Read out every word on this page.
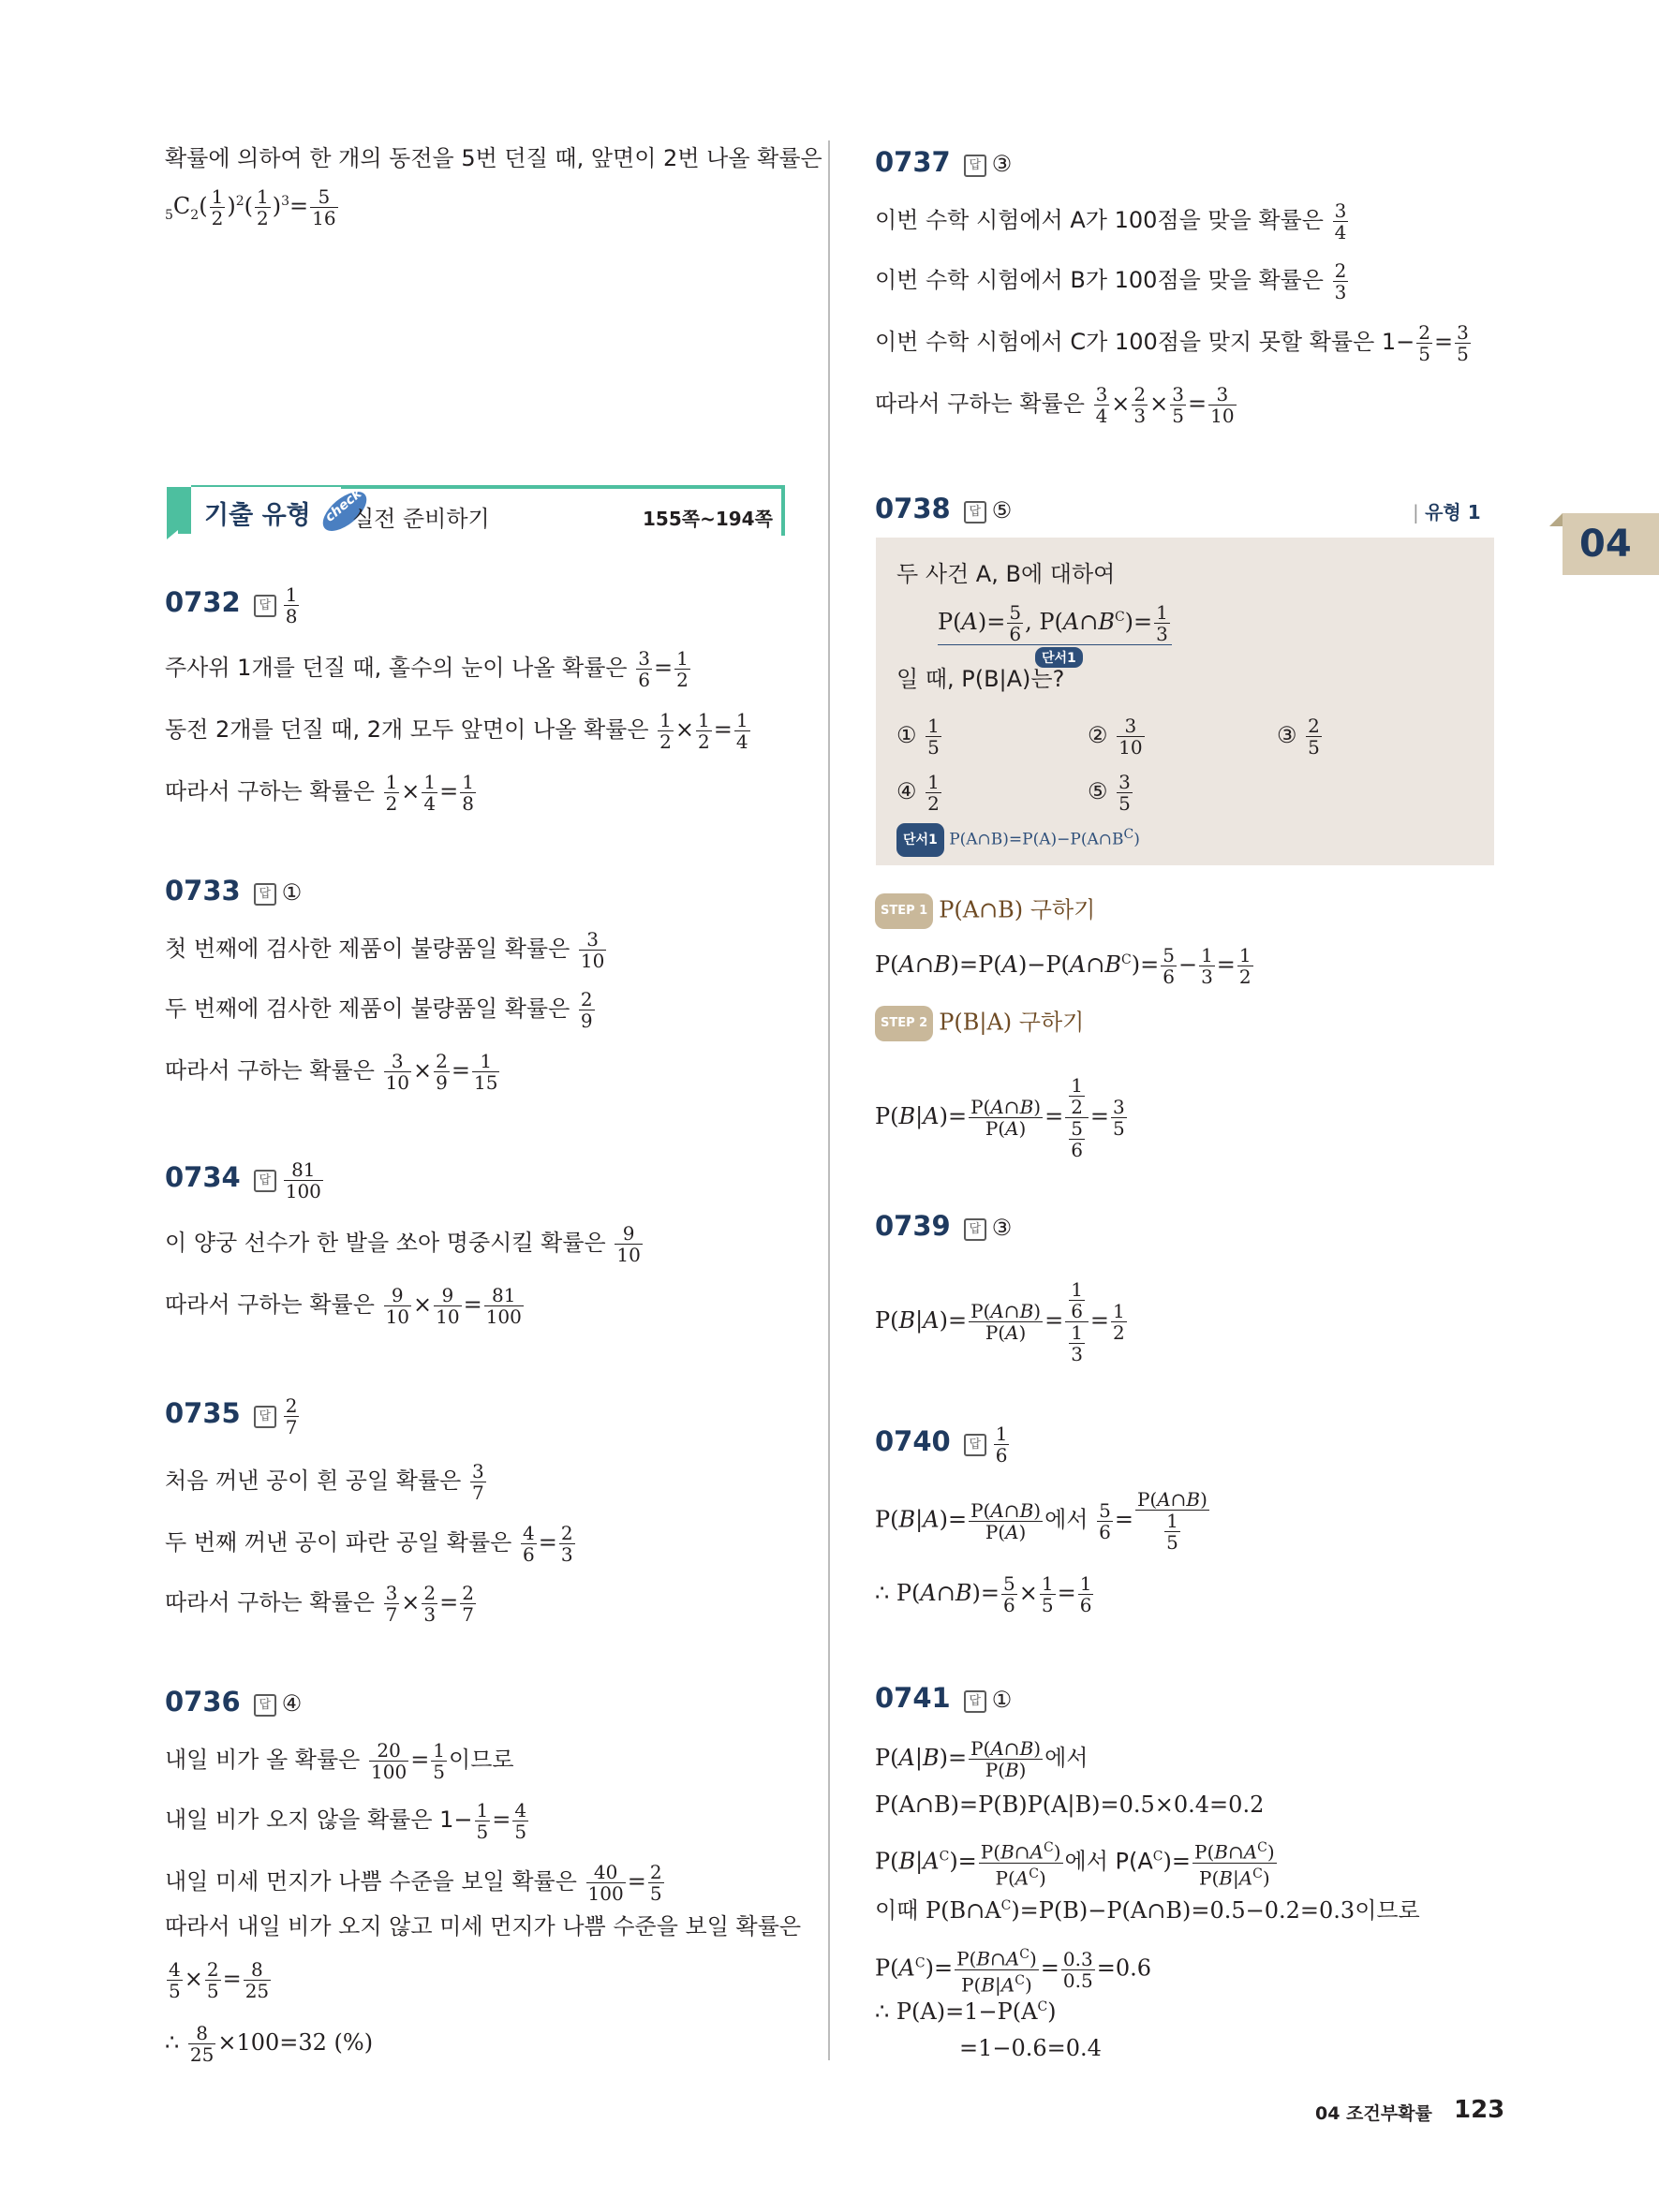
확률에 의하여 한 개의 동전을 5번 던질 때, 앞면이 2번 나올 확률은
$_5C_2( \frac{1}{2} )^2( \frac{1}{2} )^3= \frac{5}{16}$
기출 유형 check
실전 준비하기	155쪽~194쪽
04
0732 답 $\frac{1}{8}$
주사위 1개를 던질 때, 홀수의 눈이 나올 확률은 $\frac{3}{6} = \frac{1}{2}$
동전 2개를 던질 때, 2개 모두 앞면이 나올 확률은 $\frac{1}{2} \times \frac{1}{2} = \frac{1}{4}$
따라서 구하는 확률은 $\frac{1}{2} \times \frac{1}{4} = \frac{1}{8}$
0733 답 ①
첫 번째에 검사한 제품이 불량품일 확률은 $\frac{3}{10}$
두 번째에 검사한 제품이 불량품일 확률은 $\frac{2}{9}$
따라서 구하는 확률은 $\frac{3}{10} \times \frac{2}{9} = \frac{1}{15}$
0734 답 $\frac{81}{100}$
이 양궁 선수가 한 발을 쏘아 명중시킬 확률은 $\frac{9}{10}$
따라서 구하는 확률은 $\frac{9}{10} \times \frac{9}{10} = \frac{81}{100}$
0735 답 $\frac{2}{7}$
처음 꺼낸 공이 흰 공일 확률은 $\frac{3}{7}$
두 번째 꺼낸 공이 파란 공일 확률은 $\frac{4}{6} = \frac{2}{3}$
따라서 구하는 확률은 $\frac{3}{7} \times \frac{2}{3} = \frac{2}{7}$
0736 답 ④
내일 비가 올 확률은 $\frac{20}{100} = \frac{1}{5}$ 이므로
내일 비가 오지 않을 확률은 $1- \frac{1}{5} = \frac{4}{5}$
내일 미세 먼지가 나쁨 수준을 보일 확률은 $\frac{40}{100} = \frac{2}{5}$
따라서 내일 비가 오지 않고 미세 먼지가 나쁨 수준을 보일 확률은
$\frac{4}{5} \times \frac{2}{5} = \frac{8}{25}$
∴ $\frac{8}{25} \times 100=32$ (%)
0737 답 ③
이번 수학 시험에서 A가 100점을 맞을 확률은 $\frac{3}{4}$
이번 수학 시험에서 B가 100점을 맞을 확률은 $\frac{2}{3}$
이번 수학 시험에서 C가 100점을 맞지 못할 확률은 $1- \frac{2}{5} = \frac{3}{5}$
따라서 구하는 확률은 $\frac{3}{4} \times \frac{2}{3} \times \frac{3}{5} = \frac{3}{10}$
0738 답 ⑤	| 유형 1
두 사건 A, B에 대하여
$P(A)= \frac{5}{6}$ , $P(A\cap B^C)= \frac{1}{3}$
단서1
일 때, P(B|A)는?
① $\frac{1}{5}$	② $\frac{3}{10}$	③ $\frac{2}{5}$
④ $\frac{1}{2}$	⑤ $\frac{3}{5}$
단서1 $P(A\cap B)=P(A)-P(A\cap B^C)$
STEP 1 P(A∩B) 구하기
$P(A\cap B)=P(A)-P(A\cap B^C)= \frac{5}{6} - \frac{1}{3} = \frac{1}{2}$
STEP 2 P(B|A) 구하기
$P(B|A)= \frac{P(A\cap B)}{P(A)} = \frac{\frac{1}{2}}{\frac{5}{6}} = \frac{3}{5}$
0739 답 ③
$P(B|A)= \frac{P(A\cap B)}{P(A)} = \frac{\frac{1}{6}}{\frac{1}{3}} = \frac{1}{2}$
0740 답 $\frac{1}{6}$
$P(B|A)= \frac{P(A\cap B)}{P(A)}$ 에서 $\frac{5}{6} = \frac{P(A\cap B)}{\frac{1}{5}}$
∴ P(A∩B)= $\frac{5}{6} \times \frac{1}{5} = \frac{1}{6}$
0741 답 ①
$P(A|B)= \frac{P(A\cap B)}{P(B)}$ 에서
P(A∩B)=P(B)P(A|B)=0.5×0.4=0.2
$P(B|A^C)= \frac{P(B\cap A^C)}{P(A^C)}$ 에서 $P(A^C)= \frac{P(B\cap A^C)}{P(B|A^C)}$
이때 $P(B\cap A^C)=P(B)-P(A\cap B)=0.5-0.2=0.3$이므로
$P(A^C)= \frac{P(B\cap A^C)}{P(B|A^C)} = \frac{0.3}{0.5} =0.6$
∴ $P(A)=1-P(A^C)$
=1−0.6=0.4
04 조건부확률 123
